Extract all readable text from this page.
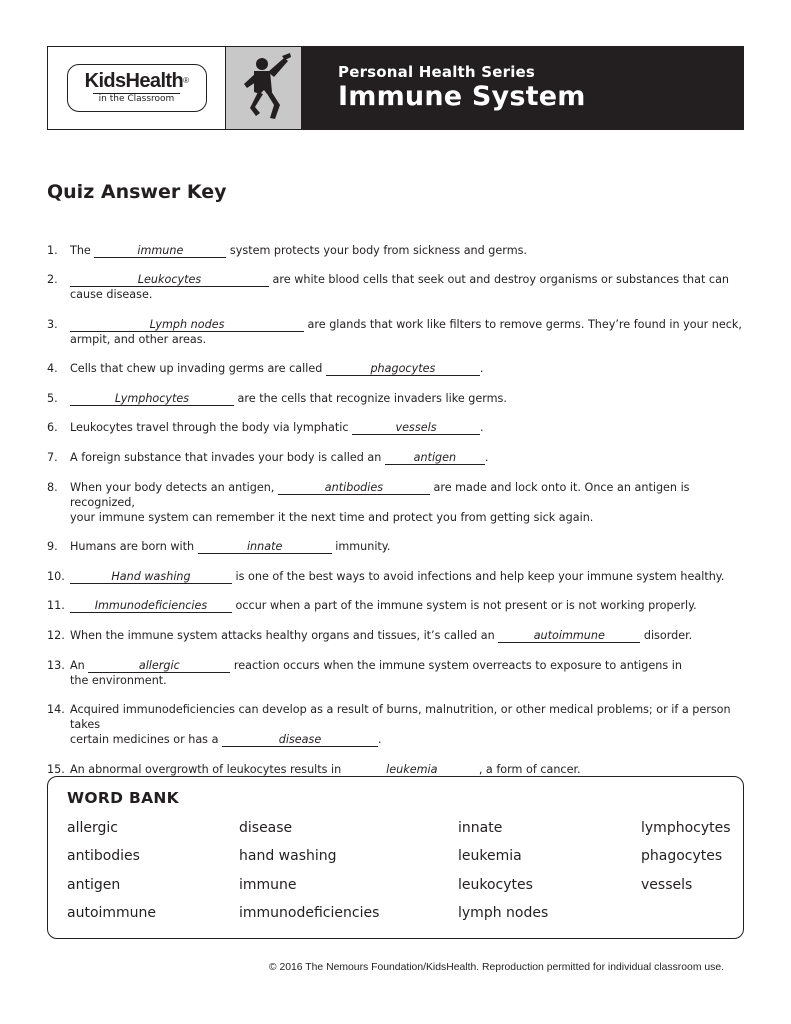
KidsHealth®
in the Classroom
Personal Health Series
Immune System
Quiz Answer Key
1. The	immune	system protects your body from sickness and germs.
2.	Leukocytes	are white blood cells that seek out and destroy organisms or substances that can
cause disease.
3.	Lymph nodes	are glands that work like filters to remove germs. They’re found in your neck,
armpit, and other areas.
4. Cells that chew up invading germs are called	phagocytes	.
5.	Lymphocytes	are the cells that recognize invaders like germs.
6. Leukocytes travel through the body via lymphatic	vessels	.
7. A foreign substance that invades your body is called an	antigen	.
8. When your body detects an antigen,	antibodies	are made and lock onto it. Once an antigen is recognized,
your immune system can remember it the next time and protect you from getting sick again.
9. Humans are born with	innate	immunity.
10.	Hand washing	is one of the best ways to avoid infections and help keep your immune system healthy.
11.	Immunodeficiencies occur when a part of the immune system is not present or is not working properly.
12. When the immune system attacks healthy organs and tissues, it’s called an	autoimmune	disorder.
13. An	allergic	reaction occurs when the immune system overreacts to exposure to antigens in
the environment.
14. Acquired immunodeficiencies can develop as a result of burns, malnutrition, or other medical problems; or if a person takes
certain medicines or has a	disease	.
15. An abnormal overgrowth of leukocytes results in	leukemia	, a form of cancer.
WORD BANK
allergic	disease	innate	lymphocytes
antibodies	hand washing	leukemia	phagocytes
antigen	immune	leukocytes	vessels
autoimmune	immunodeficiencies	lymph nodes
© 2016 The Nemours Foundation/KidsHealth. Reproduction permitted for individual classroom use.
